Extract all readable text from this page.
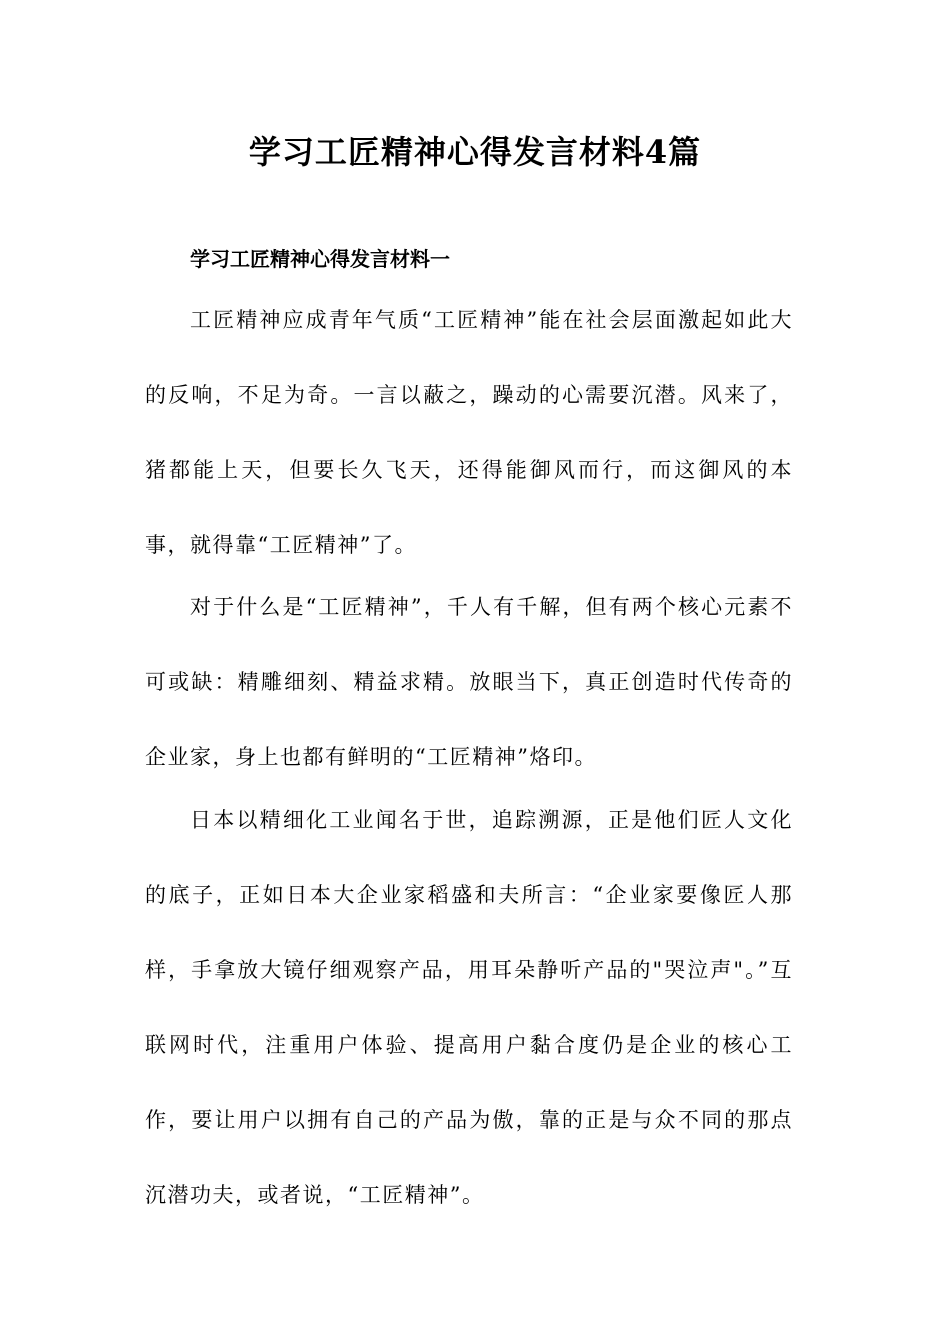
学习工匠精神心得发言材料4篇
学习工匠精神心得发言材料一

工匠精神应成青年气质“工匠精神”能在社会层面激起如此大的反响，不足为奇。一言以蔽之，躁动的心需要沉潜。风来了，猪都能上天，但要长久飞天，还得能御风而行，而这御风的本事，就得靠“工匠精神”了。

对于什么是“工匠精神”，千人有千解，但有两个核心元素不可或缺：精雕细刻、精益求精。放眼当下，真正创造时代传奇的企业家，身上也都有鲜明的“工匠精神”烙印。

日本以精细化工业闻名于世，追踪溯源，正是他们匠人文化的底子，正如日本大企业家稻盛和夫所言：“企业家要像匠人那样，手拿放大镜仔细观察产品，用耳朵静听产品的"哭泣声"。”互联网时代，注重用户体验、提高用户黏合度仍是企业的核心工作，要让用户以拥有自己的产品为傲，靠的正是与众不同的那点沉潜功夫，或者说，“工匠精神”。
